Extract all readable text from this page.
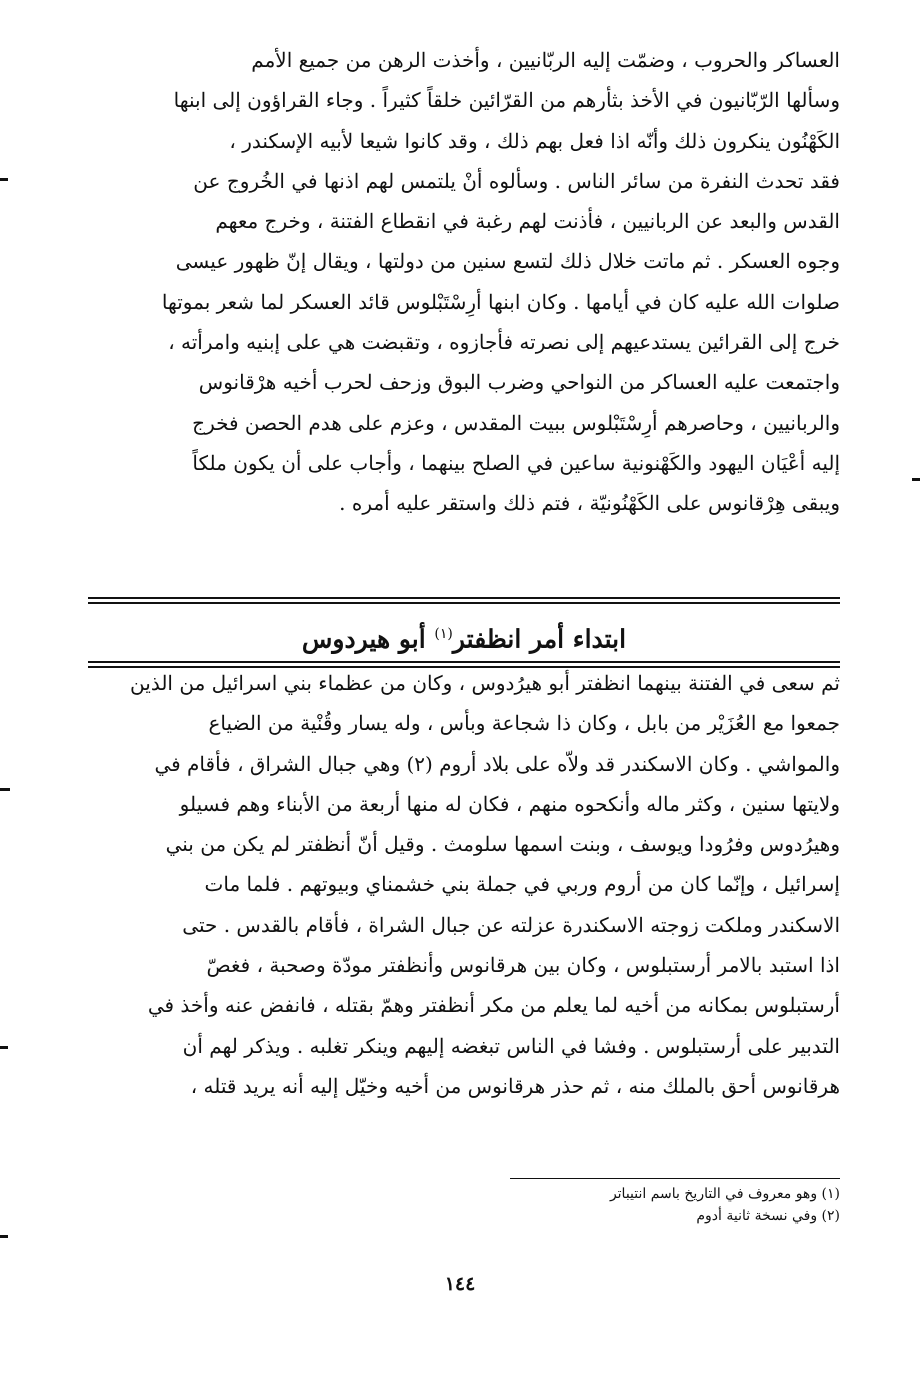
العساكر والحروب ، وضمّت إليه الربّانيين ، وأخذت الرهن من جميع الأمم
وسألها الرّبّانيون في الأخذ بثأرهم من القرّائين خلقاً كثيراً . وجاء القراؤون إلى ابنها
الكَهْنُون ينكرون ذلك وأنّه اذا فعل بهم ذلك ، وقد كانوا شيعا لأبيه الإسكندر ،
فقد تحدث النفرة من سائر الناس . وسألوه أنْ يلتمس لهم اذنها في الخُروج عن
القدس والبعد عن الربانيين ، فأذنت لهم رغبة في انقطاع الفتنة ، وخرج معهم
وجوه العسكر . ثم ماتت خلال ذلك لتسع سنين من دولتها ، ويقال إنّ ظهور عيسى
صلوات الله عليه كان في أيامها . وكان ابنها أرِسْتَبْلوس قائد العسكر لما شعر بموتها
خرج إلى القرائين يستدعيهم إلى نصرته فأجازوه ، وتقبضت هي على إبنيه وامرأته ،
واجتمعت عليه العساكر من النواحي وضرب البوق وزحف لحرب أخيه هرْقانوس
والربانيين ، وحاصرهم أرِسْتَبْلوس ببيت المقدس ، وعزم على هدم الحصن فخرج
إليه أعْيَان اليهود والكَهْنونية ساعين في الصلح بينهما ، وأجاب على أن يكون ملكاً
ويبقى هِرْقانوس على الكَهْنُونيّة ، فتم ذلك واستقر عليه أمره .
ابتداء أمر انظفتر$^{(١)}$ أبو هيردوس
ثم سعى في الفتنة بينهما انظفتر أبو هيرُدوس ، وكان من عظماء بني اسرائيل من الذين
جمعوا مع العُزَيْر من بابل ، وكان ذا شجاعة وبأس ، وله يسار وقُنْية من الضياع
والمواشي . وكان الاسكندر قد ولاّه على بلاد أروم (٢) وهي جبال الشراق ، فأقام في
ولايتها سنين ، وكثر ماله وأنكحوه منهم ، فكان له منها أربعة من الأبناء وهم فسيلو
وهيرُدوس وفرُودا ويوسف ، وبنت اسمها سلومث . وقيل أنّ أنظفتر لم يكن من بني
إسرائيل ، وإنّما كان من أروم وربي في جملة بني خشمناي وبيوتهم . فلما مات
الاسكندر وملكت زوجته الاسكندرة عزلته عن جبال الشراة ، فأقام بالقدس . حتى
اذا استبد بالامر أرستبلوس ، وكان بين هرقانوس وأنظفتر مودّة وصحبة ، فغصّ
أرستبلوس بمكانه من أخيه لما يعلم من مكر أنظفتر وهمّ بقتله ، فانفض عنه وأخذ في
التدبير على أرستبلوس . وفشا في الناس تبغضه إليهم وينكر تغلبه . ويذكر لهم أن
هرقانوس أحق بالملك منه ، ثم حذر هرقانوس من أخيه وخيّل إليه أنه يريد قتله ،
(١) وهو معروف في التاريخ باسم انتيباتر
(٢) وفي نسخة ثانية أدوم
١٤٤
